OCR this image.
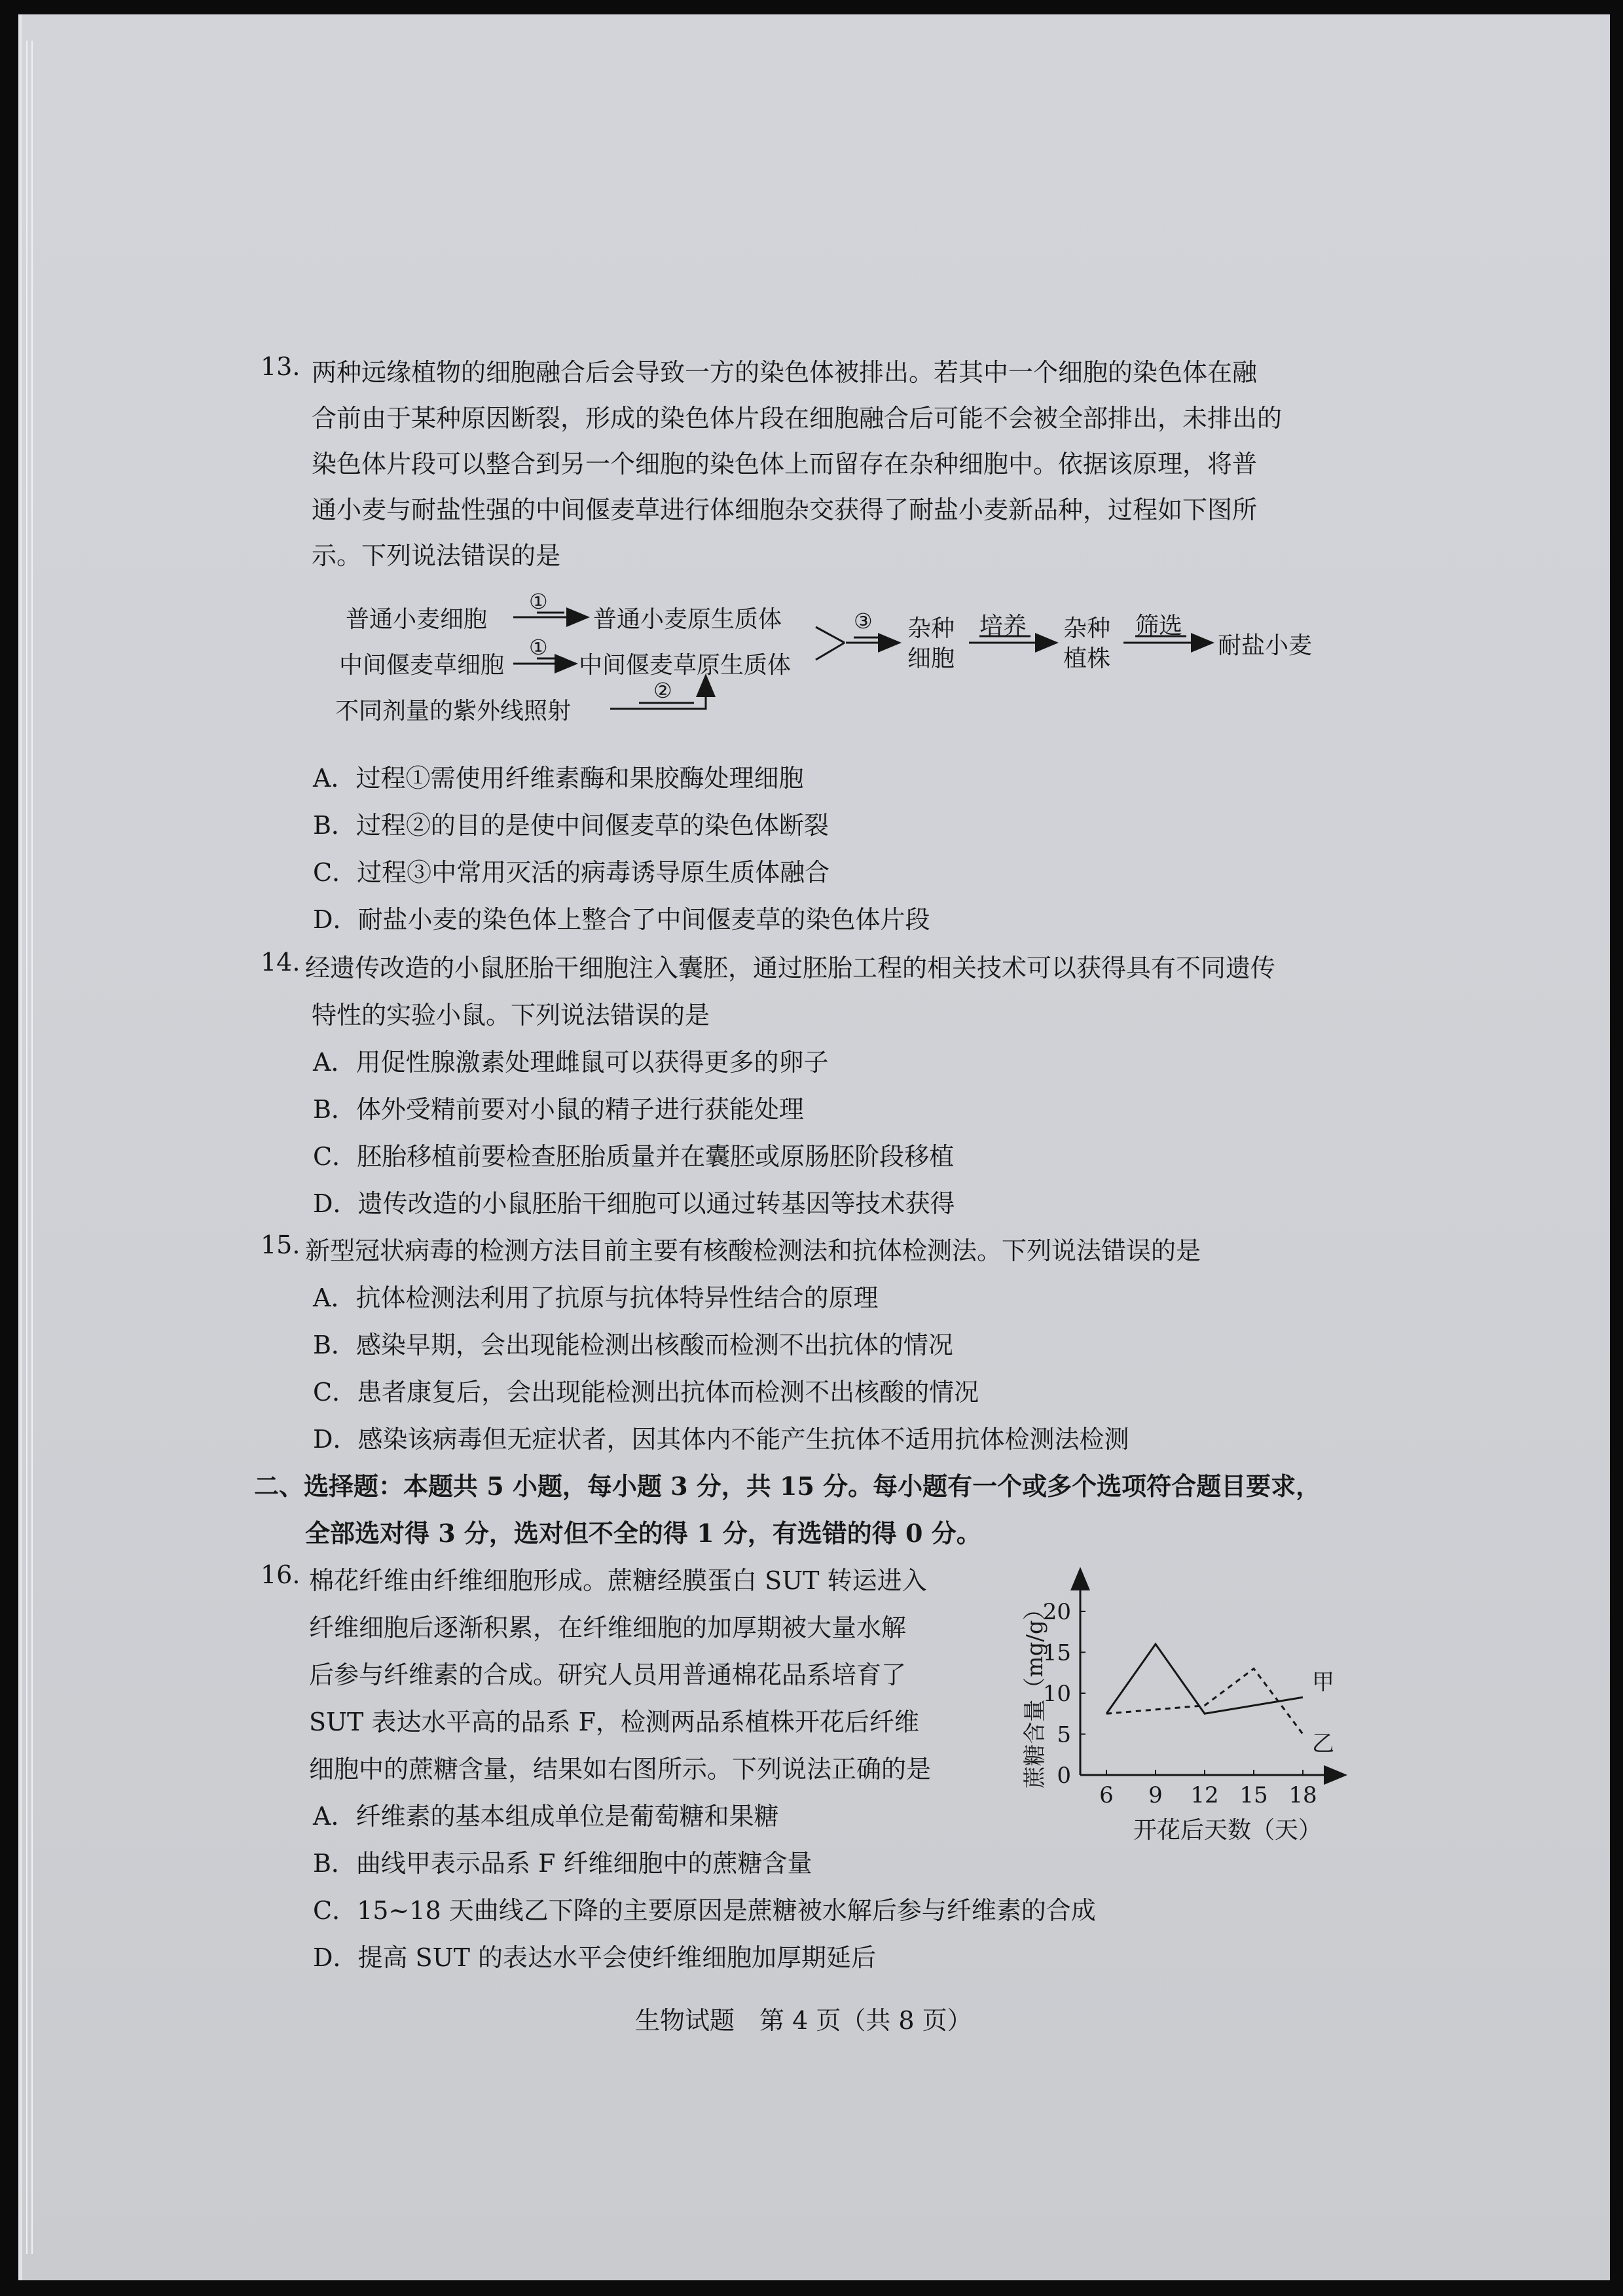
13. 两种远缘植物的细胞融合后会导致一方的染色体被排出。若其中一个细胞的染色体在融
合前由于某种原因断裂，形成的染色体片段在细胞融合后可能不会被全部排出，未排出的
染色体片段可以整合到另一个细胞的染色体上而留存在杂种细胞中。依据该原理，将普
通小麦与耐盐性强的中间偃麦草进行体细胞杂交获得了耐盐小麦新品种，过程如下图所
示。下列说法错误的是
普通小麦细胞
中间偃麦草细胞
不同剂量的紫外线照射
普通小麦原生质体
中间偃麦草原生质体
①
①
②
③ 杂种
细胞
培养 杂种
植株
筛选
耐盐小麦
A．过程①需使用纤维素酶和果胶酶处理细胞
B．过程②的目的是使中间偃麦草的染色体断裂
C．过程③中常用灭活的病毒诱导原生质体融合
D．耐盐小麦的染色体上整合了中间偃麦草的染色体片段
14. 经遗传改造的小鼠胚胎干细胞注入囊胚，通过胚胎工程的相关技术可以获得具有不同遗传
特性的实验小鼠。下列说法错误的是
A．用促性腺激素处理雌鼠可以获得更多的卵子
B．体外受精前要对小鼠的精子进行获能处理
C．胚胎移植前要检查胚胎质量并在囊胚或原肠胚阶段移植
D．遗传改造的小鼠胚胎干细胞可以通过转基因等技术获得
15. 新型冠状病毒的检测方法目前主要有核酸检测法和抗体检测法。下列说法错误的是
A．抗体检测法利用了抗原与抗体特异性结合的原理
B．感染早期，会出现能检测出核酸而检测不出抗体的情况
C．患者康复后，会出现能检测出抗体而检测不出核酸的情况
D．感染该病毒但无症状者，因其体内不能产生抗体不适用抗体检测法检测
二、选择题：本题共 5 小题，每小题 3 分，共 15 分。每小题有一个或多个选项符合题目要求，
全部选对得 3 分，选对但不全的得 1 分，有选错的得 0 分。
16. 棉花纤维由纤维细胞形成。蔗糖经膜蛋白 SUT 转运进入
纤维细胞后逐渐积累，在纤维细胞的加厚期被大量水解
后参与纤维素的合成。研究人员用普通棉花品系培育了
SUT 表达水平高的品系 F，检测两品系植株开花后纤维
细胞中的蔗糖含量，结果如右图所示。下列说法正确的是
A．纤维素的基本组成单位是葡萄糖和果糖
B．曲线甲表示品系 F 纤维细胞中的蔗糖含量
C．15~18 天曲线乙下降的主要原因是蔗糖被水解后参与纤维素的合成
D．提高 SUT 的表达水平会使纤维细胞加厚期延后
6 9 12 15 18
0
5
10
15
20
甲
乙
蔗糖含量（mg/g）
开花后天数（天）
生物试题　第 4 页（共 8 页）
